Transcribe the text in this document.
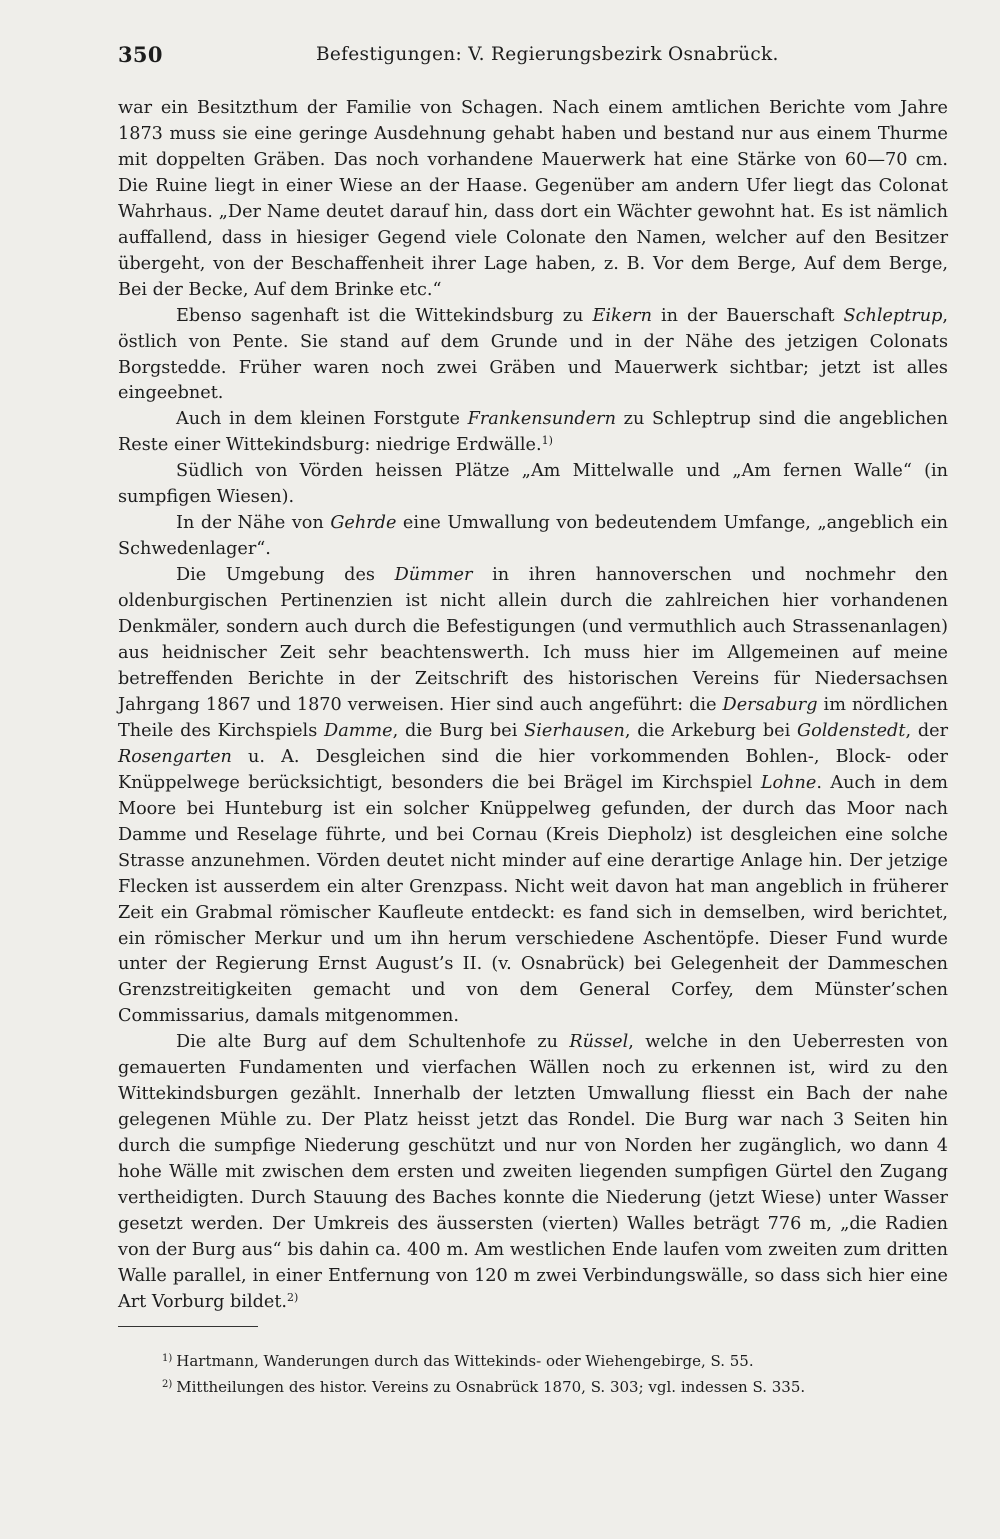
350	Befestigungen: V. Regierungsbezirk Osnabrück.

war ein Besitzthum der Familie von Schagen. Nach einem amtlichen Berichte vom Jahre 1873 muss sie eine geringe Ausdehnung gehabt haben und bestand nur aus einem Thurme mit doppelten Gräben. Das noch vorhandene Mauerwerk hat eine Stärke von 60—70 cm. Die Ruine liegt in einer Wiese an der Haase. Gegenüber am andern Ufer liegt das Colonat Wahrhaus. „Der Name deutet darauf hin, dass dort ein Wächter gewohnt hat. Es ist nämlich auffallend, dass in hiesiger Gegend viele Colonate den Namen, welcher auf den Besitzer übergeht, von der Beschaffenheit ihrer Lage haben, z. B. Vor dem Berge, Auf dem Berge, Bei der Becke, Auf dem Brinke etc.“

Ebenso sagenhaft ist die Wittekindsburg zu Eikern in der Bauerschaft Schleptrup, östlich von Pente. Sie stand auf dem Grunde und in der Nähe des jetzigen Colonats Borgstedde. Früher waren noch zwei Gräben und Mauerwerk sichtbar; jetzt ist alles eingeebnet.

Auch in dem kleinen Forstgute Frankensundern zu Schleptrup sind die angeblichen Reste einer Wittekindsburg: niedrige Erdwälle.$^{1)}$

Südlich von Vörden heissen Plätze „Am Mittelwalle und „Am fernen Walle“ (in sumpfigen Wiesen).

In der Nähe von Gehrde eine Umwallung von bedeutendem Umfange, „angeblich ein Schwedenlager“.

Die Umgebung des Dümmer in ihren hannoverschen und nochmehr den oldenburgischen Pertinenzien ist nicht allein durch die zahlreichen hier vorhandenen Denkmäler, sondern auch durch die Befestigungen (und vermuthlich auch Strassenanlagen) aus heidnischer Zeit sehr beachtenswerth. Ich muss hier im Allgemeinen auf meine betreffenden Berichte in der Zeitschrift des historischen Vereins für Niedersachsen Jahrgang 1867 und 1870 verweisen. Hier sind auch angeführt: die Dersaburg im nördlichen Theile des Kirchspiels Damme, die Burg bei Sierhausen, die Arkeburg bei Goldenstedt, der Rosengarten u. A. Desgleichen sind die hier vorkommenden Bohlen-, Block- oder Knüppelwege berücksichtigt, besonders die bei Brägel im Kirchspiel Lohne. Auch in dem Moore bei Hunteburg ist ein solcher Knüppelweg gefunden, der durch das Moor nach Damme und Reselage führte, und bei Cornau (Kreis Diepholz) ist desgleichen eine solche Strasse anzunehmen. Vörden deutet nicht minder auf eine derartige Anlage hin. Der jetzige Flecken ist ausserdem ein alter Grenzpass. Nicht weit davon hat man angeblich in früherer Zeit ein Grabmal römischer Kaufleute entdeckt: es fand sich in demselben, wird berichtet, ein römischer Merkur und um ihn herum verschiedene Aschentöpfe. Dieser Fund wurde unter der Regierung Ernst August’s II. (v. Osnabrück) bei Gelegenheit der Dammeschen Grenzstreitigkeiten gemacht und von dem General Corfey, dem Münster’schen Commissarius, damals mitgenommen.

Die alte Burg auf dem Schultenhofe zu Rüssel, welche in den Ueberresten von gemauerten Fundamenten und vierfachen Wällen noch zu erkennen ist, wird zu den Wittekindsburgen gezählt. Innerhalb der letzten Umwallung fliesst ein Bach der nahe gelegenen Mühle zu. Der Platz heisst jetzt das Rondel. Die Burg war nach 3 Seiten hin durch die sumpfige Niederung geschützt und nur von Norden her zugänglich, wo dann 4 hohe Wälle mit zwischen dem ersten und zweiten liegenden sumpfigen Gürtel den Zugang vertheidigten. Durch Stauung des Baches konnte die Niederung (jetzt Wiese) unter Wasser gesetzt werden. Der Umkreis des äussersten (vierten) Walles beträgt 776 m, „die Radien von der Burg aus“ bis dahin ca. 400 m. Am westlichen Ende laufen vom zweiten zum dritten Walle parallel, in einer Entfernung von 120 m zwei Verbindungswälle, so dass sich hier eine Art Vorburg bildet.$^{2)}$

$^{1)}$ Hartmann, Wanderungen durch das Wittekinds- oder Wiehengebirge, S. 55.

$^{2)}$ Mittheilungen des histor. Vereins zu Osnabrück 1870, S. 303; vgl. indessen S. 335.
